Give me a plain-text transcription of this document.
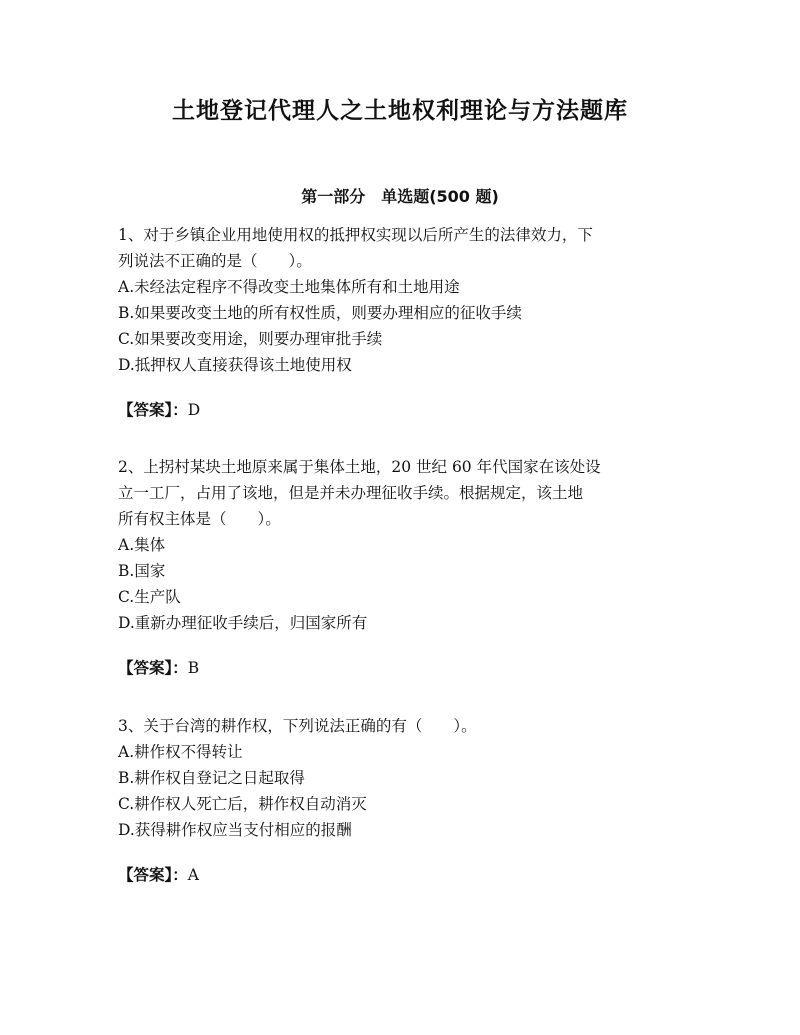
土地登记代理人之土地权利理论与方法题库
第一部分　单选题(500 题)
1、对于乡镇企业用地使用权的抵押权实现以后所产生的法律效力，下
列说法不正确的是（　　）。
A.未经法定程序不得改变土地集体所有和土地用途
B.如果要改变土地的所有权性质，则要办理相应的征收手续
C.如果要改变用途，则要办理审批手续
D.抵押权人直接获得该土地使用权
【答案】：D
2、上拐村某块土地原来属于集体土地，20 世纪 60 年代国家在该处设
立一工厂，占用了该地，但是并未办理征收手续。根据规定，该土地
所有权主体是（　　）。
A.集体
B.国家
C.生产队
D.重新办理征收手续后，归国家所有
【答案】：B
3、关于台湾的耕作权，下列说法正确的有（　　）。
A.耕作权不得转让
B.耕作权自登记之日起取得
C.耕作权人死亡后，耕作权自动消灭
D.获得耕作权应当支付相应的报酬
【答案】：A
